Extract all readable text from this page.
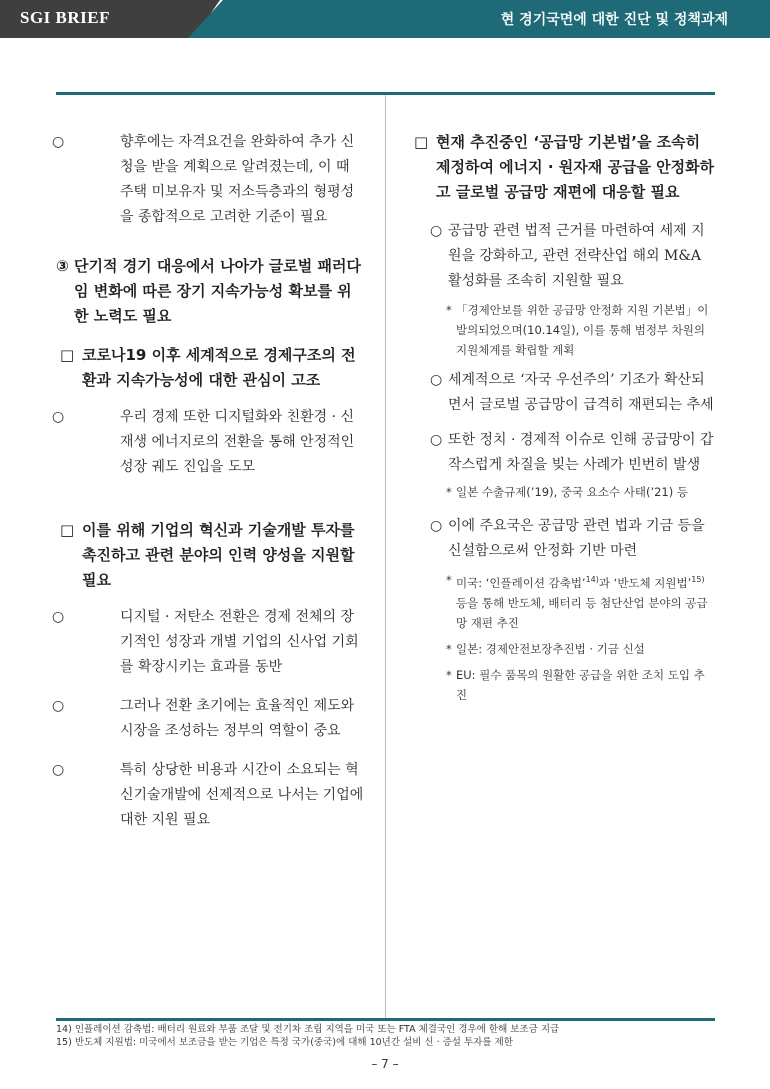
SGI BRIEF	현 경기국면에 대한 진단 및 정책과제
○	향후에는 자격요건을 완화하여 추가 신청을 받을 계획으로 알려졌는데, 이 때 주택 미보유자 및 저소득층과의 형평성을 종합적으로 고려한 기준이 필요
③ 단기적 경기 대응에서 나아가 글로벌 패러다임 변화에 따른 장기 지속가능성 확보를 위한 노력도 필요
□ 코로나19 이후 세계적으로 경제구조의 전환과 지속가능성에 대한 관심이 고조
○	우리 경제 또한 디지털화와 친환경 · 신재생 에너지로의 전환을 통해 안정적인 성장 궤도 진입을 도모
□ 이를 위해 기업의 혁신과 기술개발 투자를 촉진하고 관련 분야의 인력 양성을 지원할 필요
○	디지털 · 저탄소 전환은 경제 전체의 장기적인 성장과 개별 기업의 신사업 기회를 확장시키는 효과를 동반
○	그러나 전환 초기에는 효율적인 제도와 시장을 조성하는 정부의 역할이 중요
○	특히 상당한 비용과 시간이 소요되는 혁신기술개발에 선제적으로 나서는 기업에 대한 지원 필요
□ 현재 추진중인 ‘공급망 기본법’을 조속히 제정하여 에너지 · 원자재 공급을 안정화하고 글로벌 공급망 재편에 대응할 필요
○ 공급망 관련 법적 근거를 마련하여 세제 지원을 강화하고, 관련 전략산업 해외 M&A 활성화를 조속히 지원할 필요
* 「경제안보를 위한 공급망 안정화 지원 기본법」이 발의되었으며(10.14일), 이를 통해 범정부 차원의 지원체계를 확립할 계획
○ 세계적으로 ‘자국 우선주의’ 기조가 확산되면서 글로벌 공급망이 급격히 재편되는 추세
○ 또한 정치 · 경제적 이슈로 인해 공급망이 갑작스럽게 차질을 빚는 사례가 빈번히 발생
* 일본 수출규제(’19), 중국 요소수 사태(’21) 등
○ 이에 주요국은 공급망 관련 법과 기금 등을 신설함으로써 안정화 기반 마련
* 미국: ‘인플레이션 감축법’$^{14)}$과 ‘반도체 지원법’$^{15)}$ 등을 통해 반도체, 배터리 등 첨단산업 분야의 공급망 재편 추진
* 일본: 경제안전보장추진법 · 기금 신설
* EU: 필수 품목의 원활한 공급을 위한 조치 도입 추진
14) 인플레이션 감축법: 배터리 원료와 부품 조달 및 전기차 조립 지역을 미국 또는 FTA 체결국인 경우에 한해 보조금 지급
15) 반도체 지원법: 미국에서 보조금을 받는 기업은 특정 국가(중국)에 대해 10년간 설비 신 · 증설 투자를 제한
– 7 –
